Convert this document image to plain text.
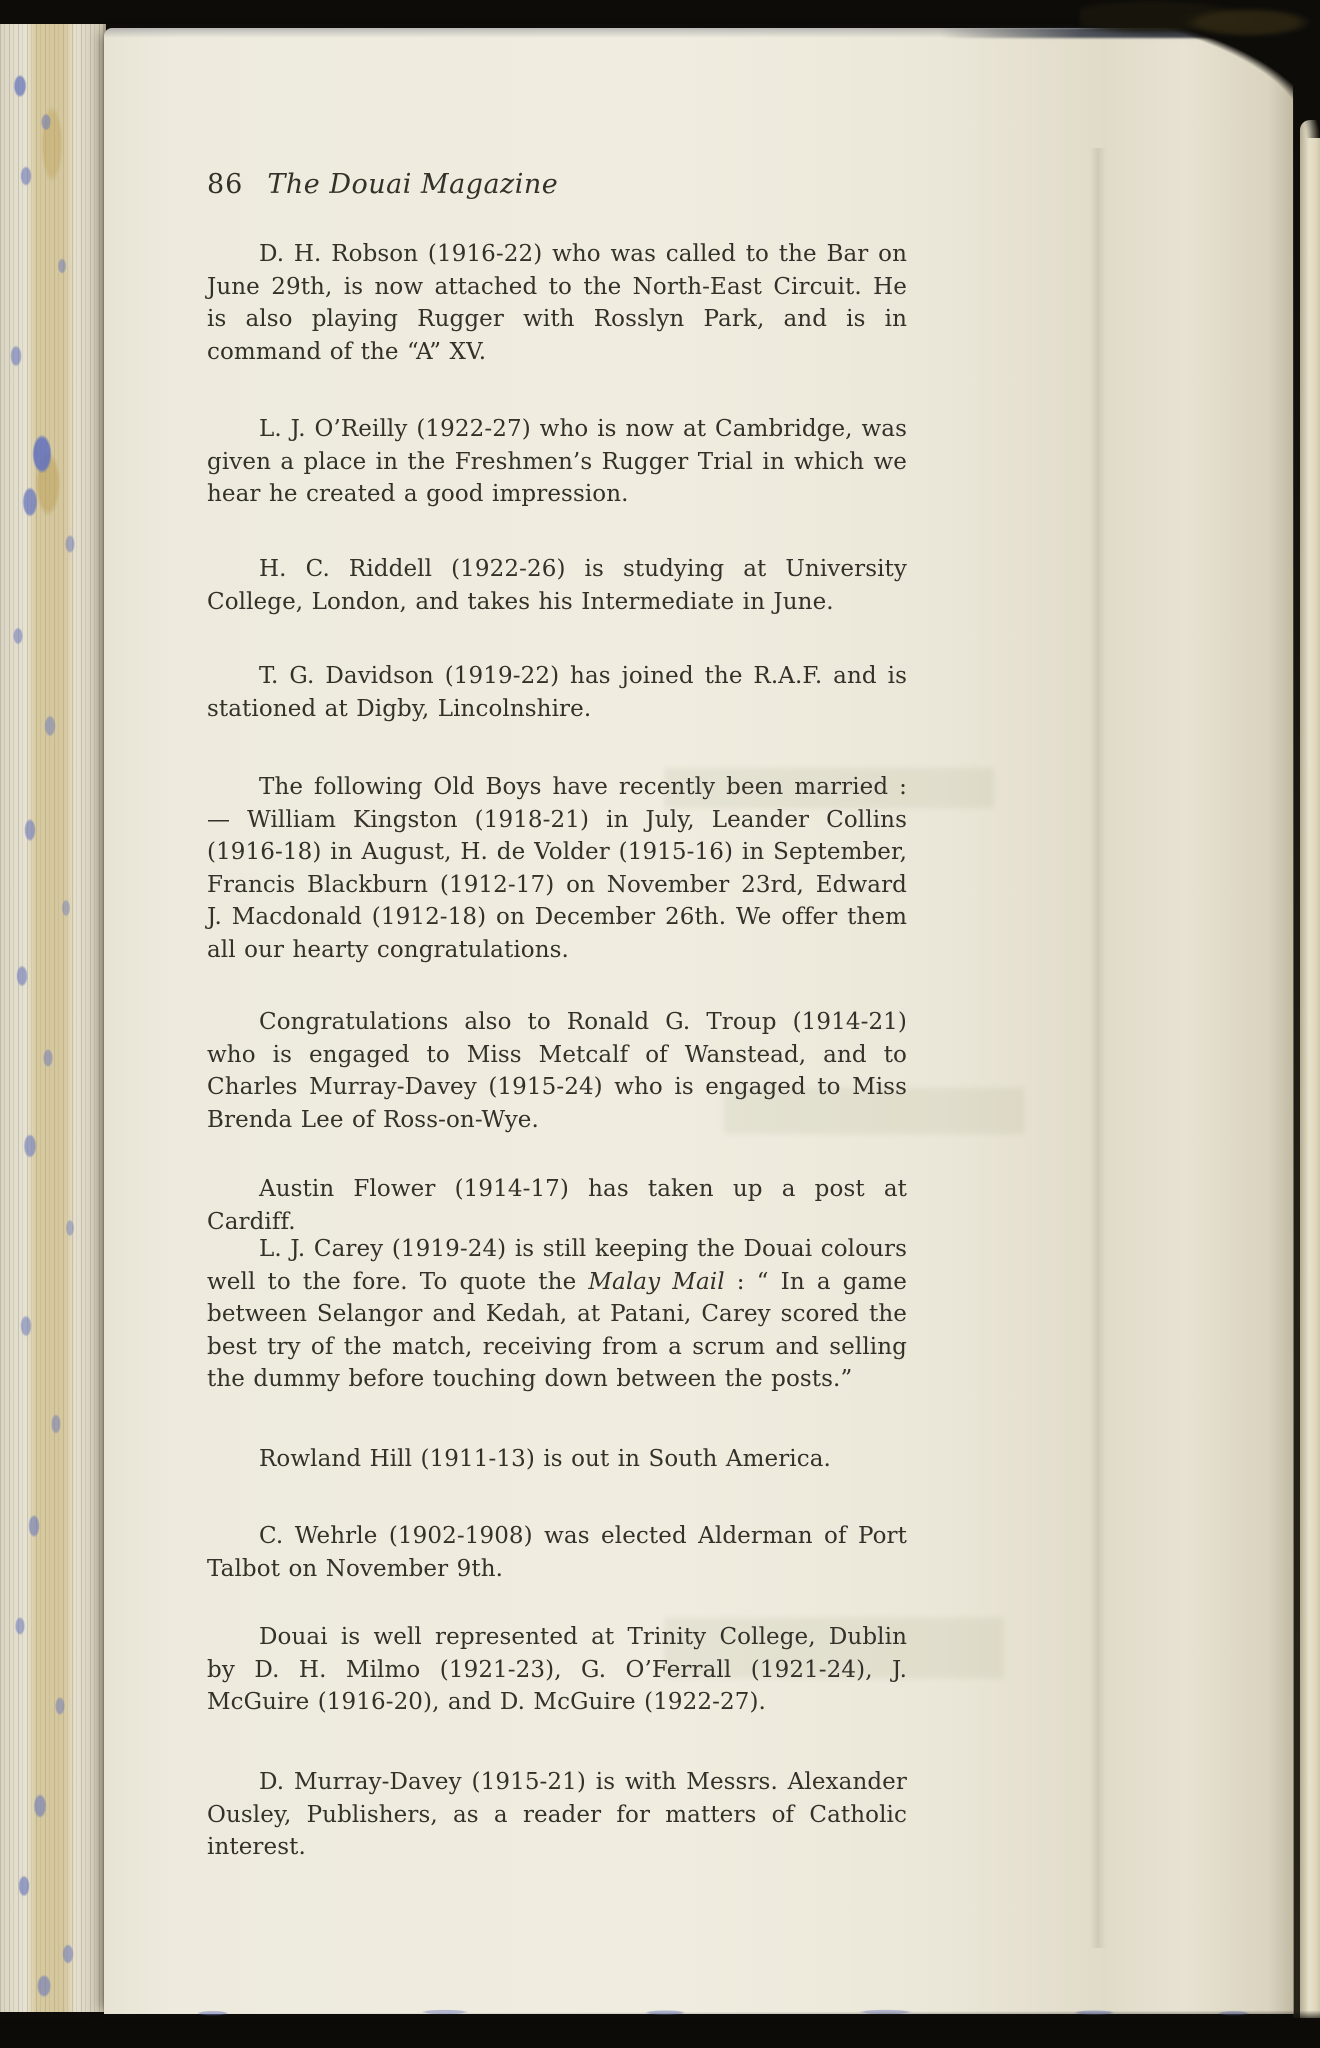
86 The Douai Magazine

D. H. Robson (1916-22) who was called to the Bar on June 29th, is now attached to the North-East Circuit. He is also playing Rugger with Rosslyn Park, and is in command of the “A” XV.

L. J. O’Reilly (1922-27) who is now at Cambridge, was given a place in the Freshmen’s Rugger Trial in which we hear he created a good impression.

H. C. Riddell (1922-26) is studying at University College, London, and takes his Intermediate in June.

T. G. Davidson (1919-22) has joined the R.A.F. and is stationed at Digby, Lincolnshire.

The following Old Boys have recently been married :— William Kingston (1918-21) in July, Leander Collins (1916-18) in August, H. de Volder (1915-16) in September, Francis Blackburn (1912-17) on November 23rd, Edward J. Macdonald (1912-18) on December 26th. We offer them all our hearty congratulations.

Congratulations also to Ronald G. Troup (1914-21) who is engaged to Miss Metcalf of Wanstead, and to Charles Murray-Davey (1915-24) who is engaged to Miss Brenda Lee of Ross-on-Wye.

Austin Flower (1914-17) has taken up a post at Cardiff.

L. J. Carey (1919-24) is still keeping the Douai colours well to the fore. To quote the Malay Mail : “ In a game between Selangor and Kedah, at Patani, Carey scored the best try of the match, receiving from a scrum and selling the dummy before touching down between the posts.”

Rowland Hill (1911-13) is out in South America.

C. Wehrle (1902-1908) was elected Alderman of Port Talbot on November 9th.

Douai is well represented at Trinity College, Dublin by D. H. Milmo (1921-23), G. O’Ferrall (1921-24), J. McGuire (1916-20), and D. McGuire (1922-27).

D. Murray-Davey (1915-21) is with Messrs. Alexander Ousley, Publishers, as a reader for matters of Catholic interest.
